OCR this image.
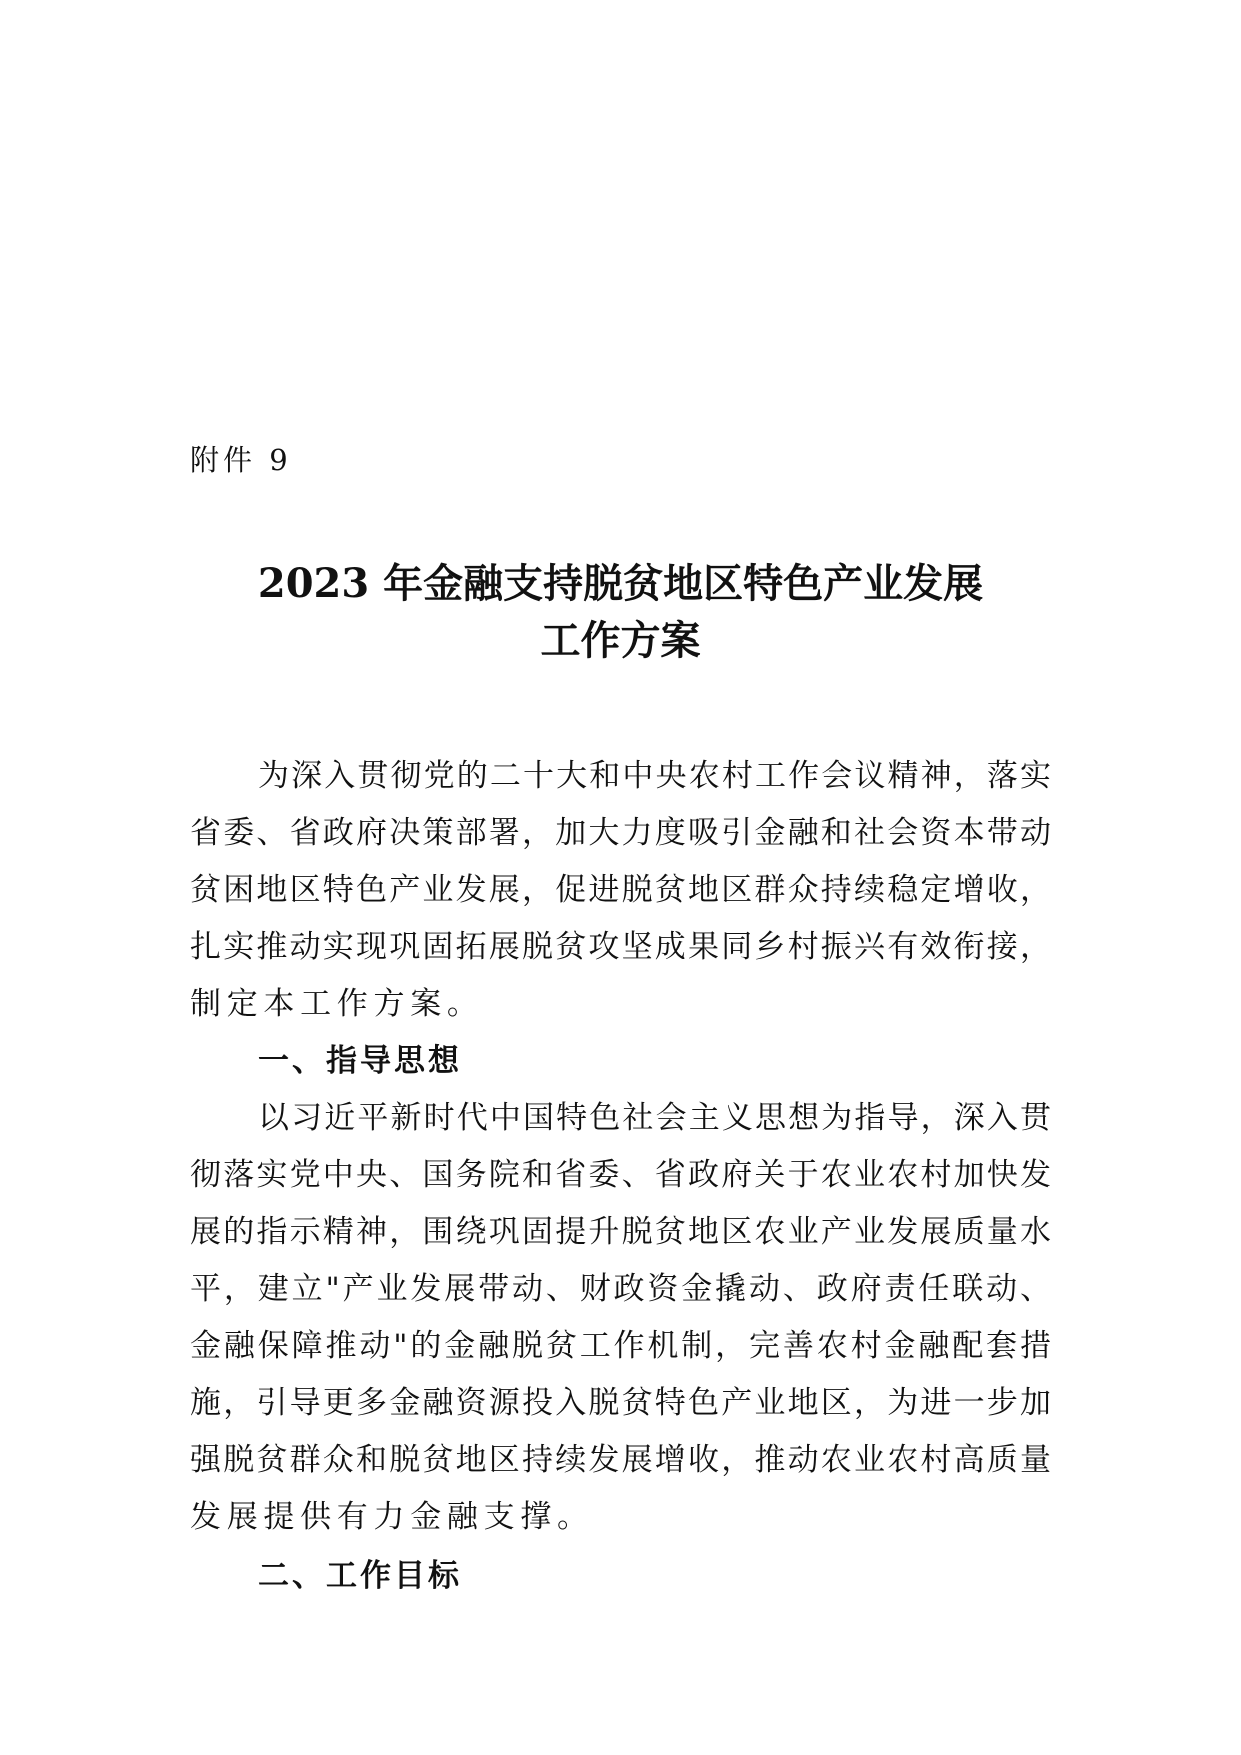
附件 9
2023 年金融支持脱贫地区特色产业发展
工作方案
为深入贯彻党的二十大和中央农村工作会议精神，落实
省委、省政府决策部署，加大力度吸引金融和社会资本带动
贫困地区特色产业发展，促进脱贫地区群众持续稳定增收，
扎实推动实现巩固拓展脱贫攻坚成果同乡村振兴有效衔接，
制定本工作方案。
一、指导思想
以习近平新时代中国特色社会主义思想为指导，深入贯
彻落实党中央、国务院和省委、省政府关于农业农村加快发
展的指示精神，围绕巩固提升脱贫地区农业产业发展质量水
平，建立"产业发展带动、财政资金撬动、政府责任联动、
金融保障推动"的金融脱贫工作机制，完善农村金融配套措
施，引导更多金融资源投入脱贫特色产业地区，为进一步加
强脱贫群众和脱贫地区持续发展增收，推动农业农村高质量
发展提供有力金融支撑。
二、工作目标
